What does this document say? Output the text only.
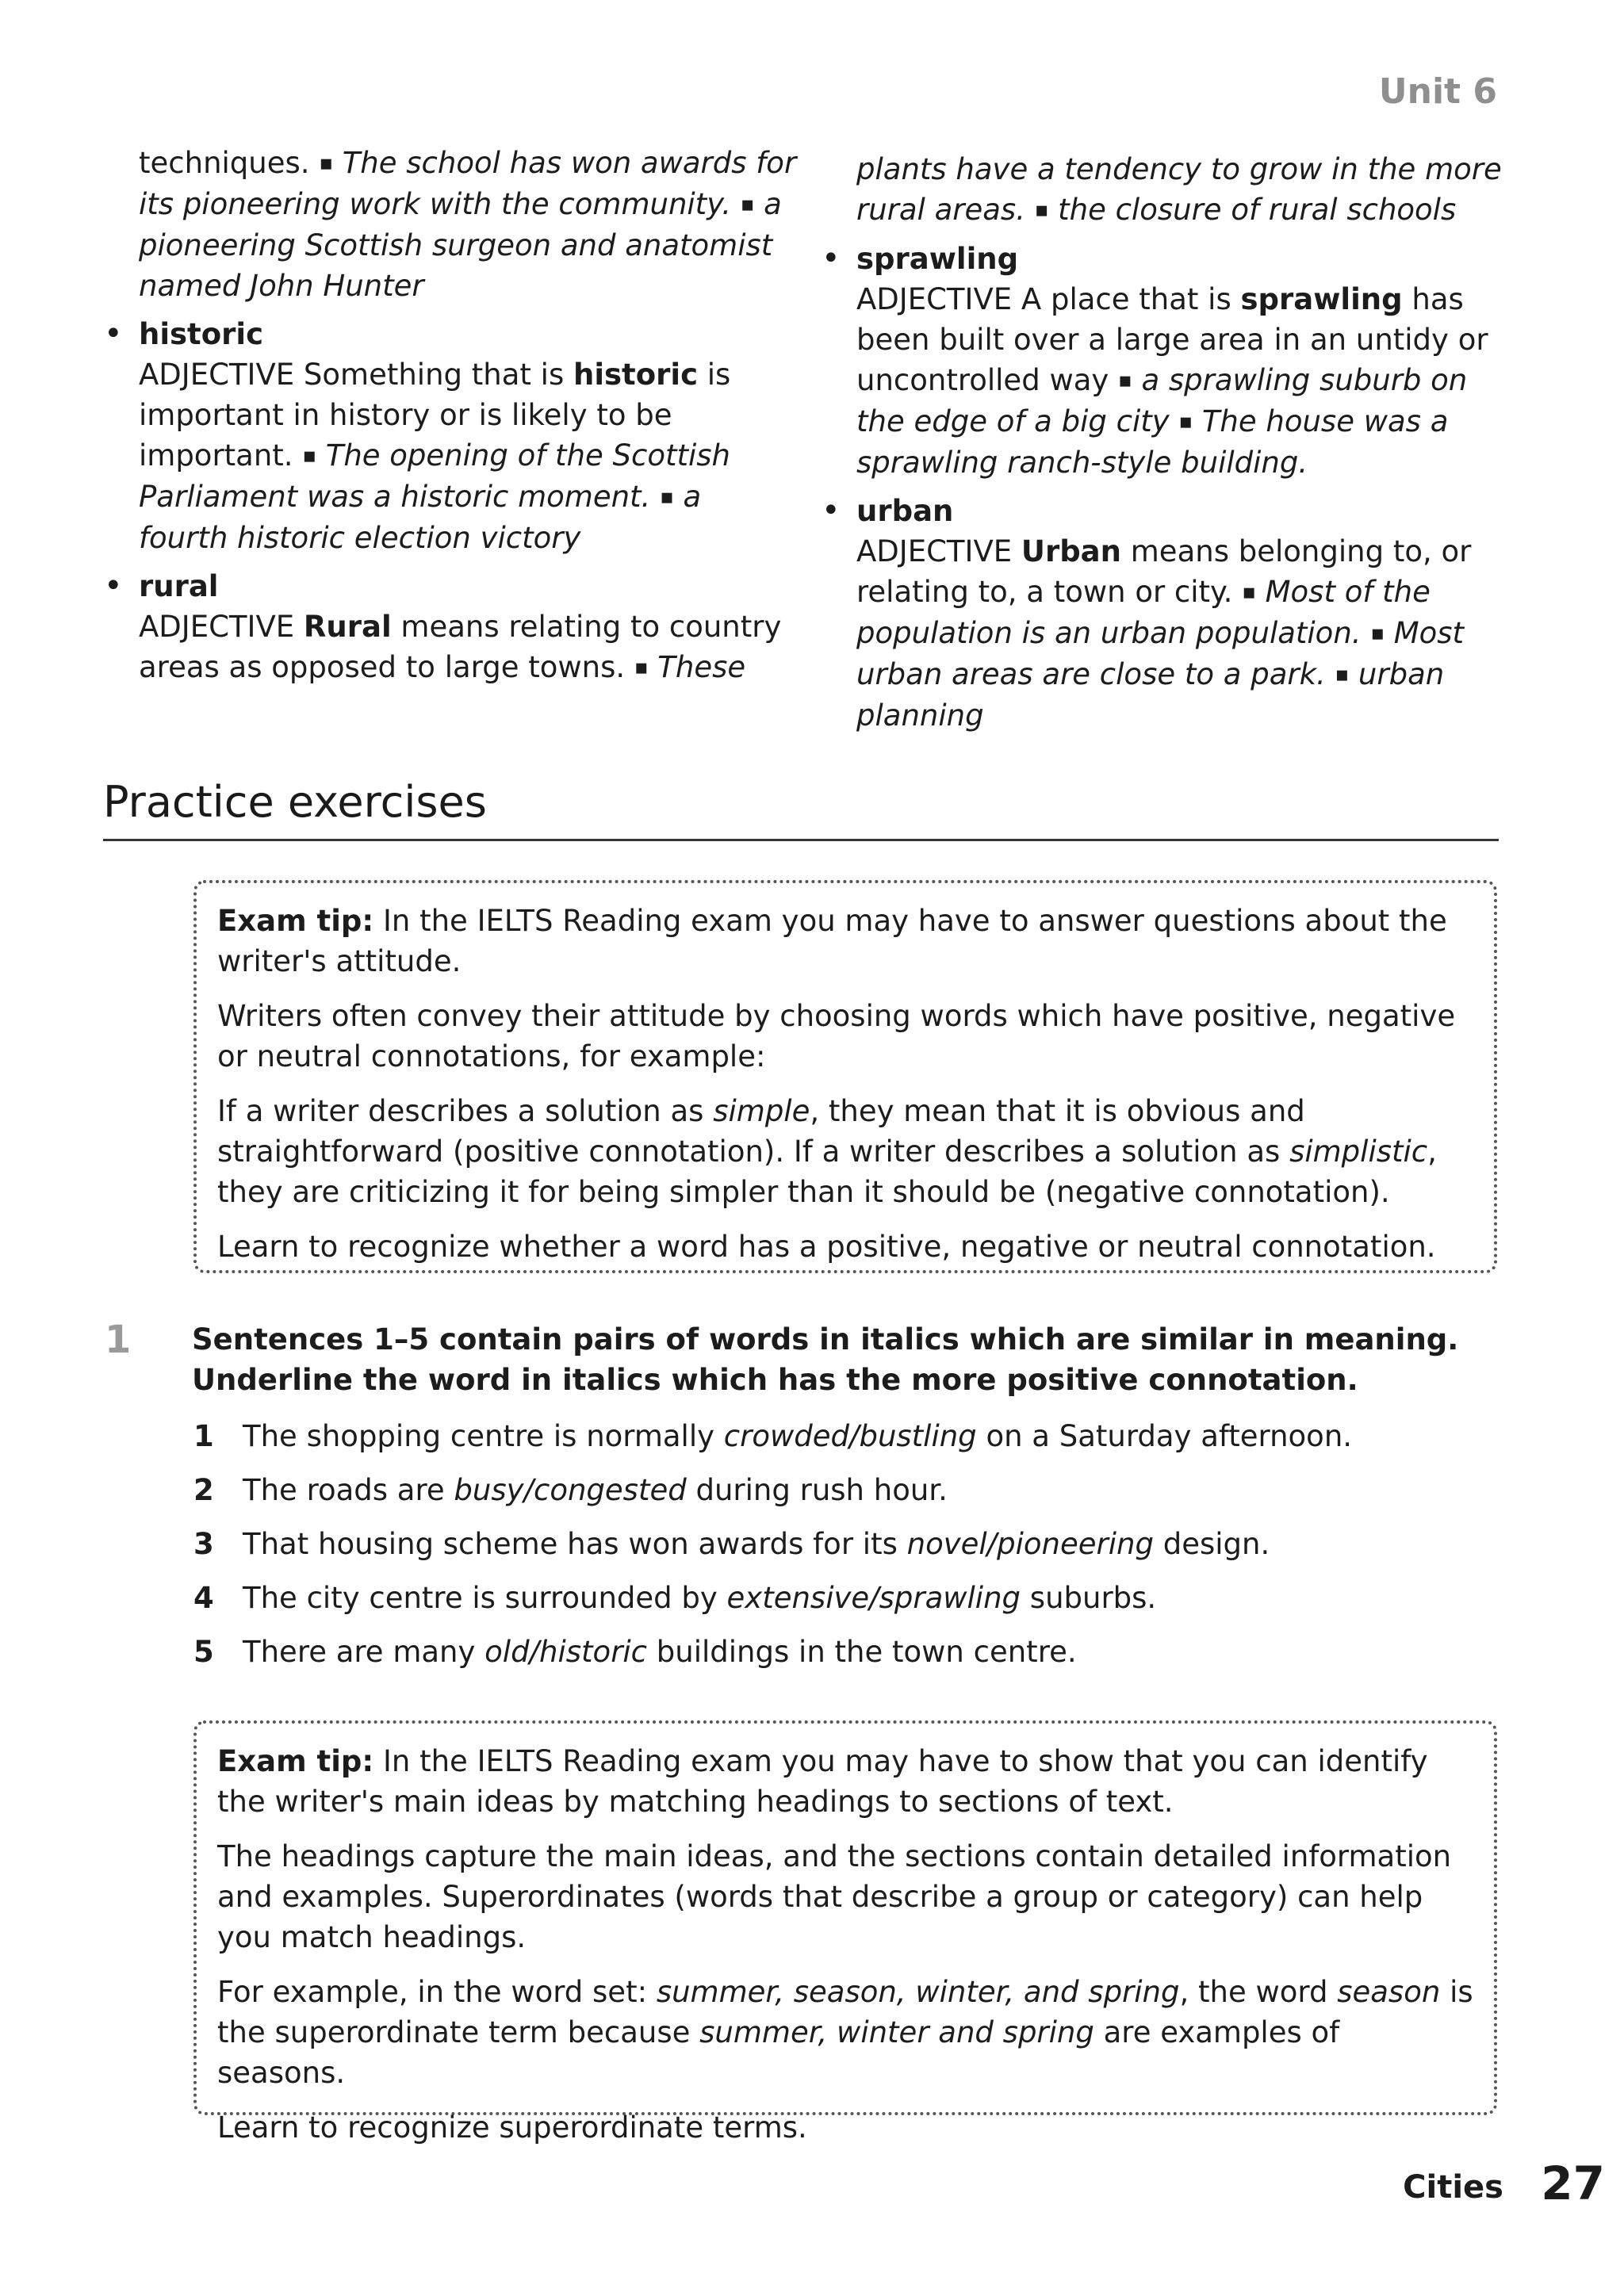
Unit 6

techniques. ▪ The school has won awards for its pioneering work with the community. ▪ a pioneering Scottish surgeon and anatomist named John Hunter

• historic

ADJECTIVE Something that is historic is important in history or is likely to be important. ▪ The opening of the Scottish Parliament was a historic moment. ▪ a fourth historic election victory

• rural

ADJECTIVE Rural means relating to country areas as opposed to large towns. ▪ These

plants have a tendency to grow in the more rural areas. ▪ the closure of rural schools

• sprawling

ADJECTIVE A place that is sprawling has been built over a large area in an untidy or uncontrolled way ▪ a sprawling suburb on the edge of a big city ▪ The house was a sprawling ranch-style building.

• urban

ADJECTIVE Urban means belonging to, or relating to, a town or city. ▪ Most of the population is an urban population. ▪ Most urban areas are close to a park. ▪ urban planning

Practice exercises

Exam tip: In the IELTS Reading exam you may have to answer questions about the writer's attitude.

Writers often convey their attitude by choosing words which have positive, negative or neutral connotations, for example:

If a writer describes a solution as simple, they mean that it is obvious and straightforward (positive connotation). If a writer describes a solution as simplistic, they are criticizing it for being simpler than it should be (negative connotation).

Learn to recognize whether a word has a positive, negative or neutral connotation.

1 Sentences 1–5 contain pairs of words in italics which are similar in meaning. Underline the word in italics which has the more positive connotation.
1 The shopping centre is normally crowded/bustling on a Saturday afternoon.
2 The roads are busy/congested during rush hour.
3 That housing scheme has won awards for its novel/pioneering design.
4 The city centre is surrounded by extensive/sprawling suburbs.
5 There are many old/historic buildings in the town centre.

Exam tip: In the IELTS Reading exam you may have to show that you can identify the writer's main ideas by matching headings to sections of text.

The headings capture the main ideas, and the sections contain detailed information and examples. Superordinates (words that describe a group or category) can help you match headings.

For example, in the word set: summer, season, winter, and spring, the word season is the superordinate term because summer, winter and spring are examples of seasons.

Learn to recognize superordinate terms.

Cities 27
